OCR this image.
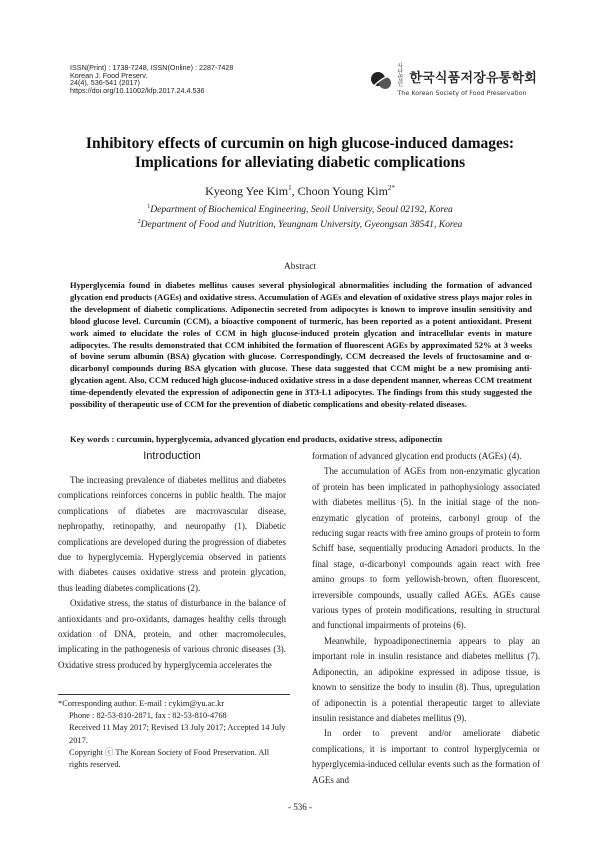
ISSN(Print) : 1738-7248, ISSN(Online) : 2287-7428
Korean J. Food Preserv.
24(4), 536-541 (2017)
https://doi.org/10.11002/kfp.2017.24.4.536
사단법인 한국식품저장유통학회
The Korean Society of Food Preservation
Inhibitory effects of curcumin on high glucose-induced damages:
Implications for alleviating diabetic complications
Kyeong Yee Kim$^1$, Choon Young Kim$^{2*}$
$^1$Department of Biochemical Engineering, Seoil University, Seoul 02192, Korea
$^2$Department of Food and Nutrition, Yeungnam University, Gyeongsan 38541, Korea
Abstract
Hyperglycemia found in diabetes mellitus causes several physiological abnormalities including the formation of advanced glycation end products (AGEs) and oxidative stress. Accumulation of AGEs and elevation of oxidative stress plays major roles in the development of diabetic complications. Adiponectin secreted from adipocytes is known to improve insulin sensitivity and blood glucose level. Curcumin (CCM), a bioactive component of turmeric, has been reported as a potent antioxidant. Present work aimed to elucidate the roles of CCM in high glucose-induced protein glycation and intracellular events in mature adipocytes. The results demonstrated that CCM inhibited the formation of fluorescent AGEs by approximated 52% at 3 weeks of bovine serum albumin (BSA) glycation with glucose. Correspondingly, CCM decreased the levels of fructosamine and α-dicarbonyl compounds during BSA glycation with glucose. These data suggested that CCM might be a new promising anti-glycation agent. Also, CCM reduced high glucose-induced oxidative stress in a dose dependent manner, whereas CCM treatment time-dependently elevated the expression of adiponectin gene in 3T3-L1 adipocytes. The findings from this study suggested the possibility of therapeutic use of CCM for the prevention of diabetic complications and obesity-related diseases.
Key words : curcumin, hyperglycemia, advanced glycation end products, oxidative stress, adiponectin
Introduction

The increasing prevalence of diabetes mellitus and diabetes complications reinforces concerns in public health. The major complications of diabetes are macrovascular disease, nephropathy, retinopathy, and neuropathy (1). Diabetic complications are developed during the progression of diabetes due to hyperglycemia. Hyperglycemia observed in patients with diabetes causes oxidative stress and protein glycation, thus leading diabetes complications (2).

Oxidative stress, the status of disturbance in the balance of antioxidants and pro-oxidants, damages healthy cells through oxidation of DNA, protein, and other macromolecules, implicating in the pathogenesis of various chronic diseases (3). Oxidative stress produced by hyperglycemia accelerates the

formation of advanced glycation end products (AGEs) (4).

The accumulation of AGEs from non-enzymatic glycation of protein has been implicated in pathophysiology associated with diabetes mellitus (5). In the initial stage of the non-enzymatic glycation of proteins, carbonyl group of the reducing sugar reacts with free amino groups of protein to form Schiff base, sequentially producing Amadori products. In the final stage, α-dicarbonyl compounds again react with free amino groups to form yellowish-brown, often fluorescent, irreversible compounds, usually called AGEs. AGEs cause various types of protein modifications, resulting in structural and functional impairments of proteins (6).

Meanwhile, hypoadiponectinemia appears to play an important role in insulin resistance and diabetes mellitus (7). Adiponectin, an adipokine expressed in adipose tissue, is known to sensitize the body to insulin (8). Thus, upregulation of adiponectin is a potential therapeutic target to alleviate insulin resistance and diabetes mellitus (9).

In order to prevent and/or ameliorate diabetic complications, it is important to control hyperglycemia or hyperglycemia-induced cellular events such as the formation of AGEs and

*Corresponding author. E-mail : cykim@yu.ac.kr
Phone : 82-53-810-2871, fax : 82-53-810-4768
Received 11 May 2017; Revised 13 July 2017; Accepted 14 July 2017.
Copyright ⓒ The Korean Society of Food Preservation. All rights reserved.
- 536 -
